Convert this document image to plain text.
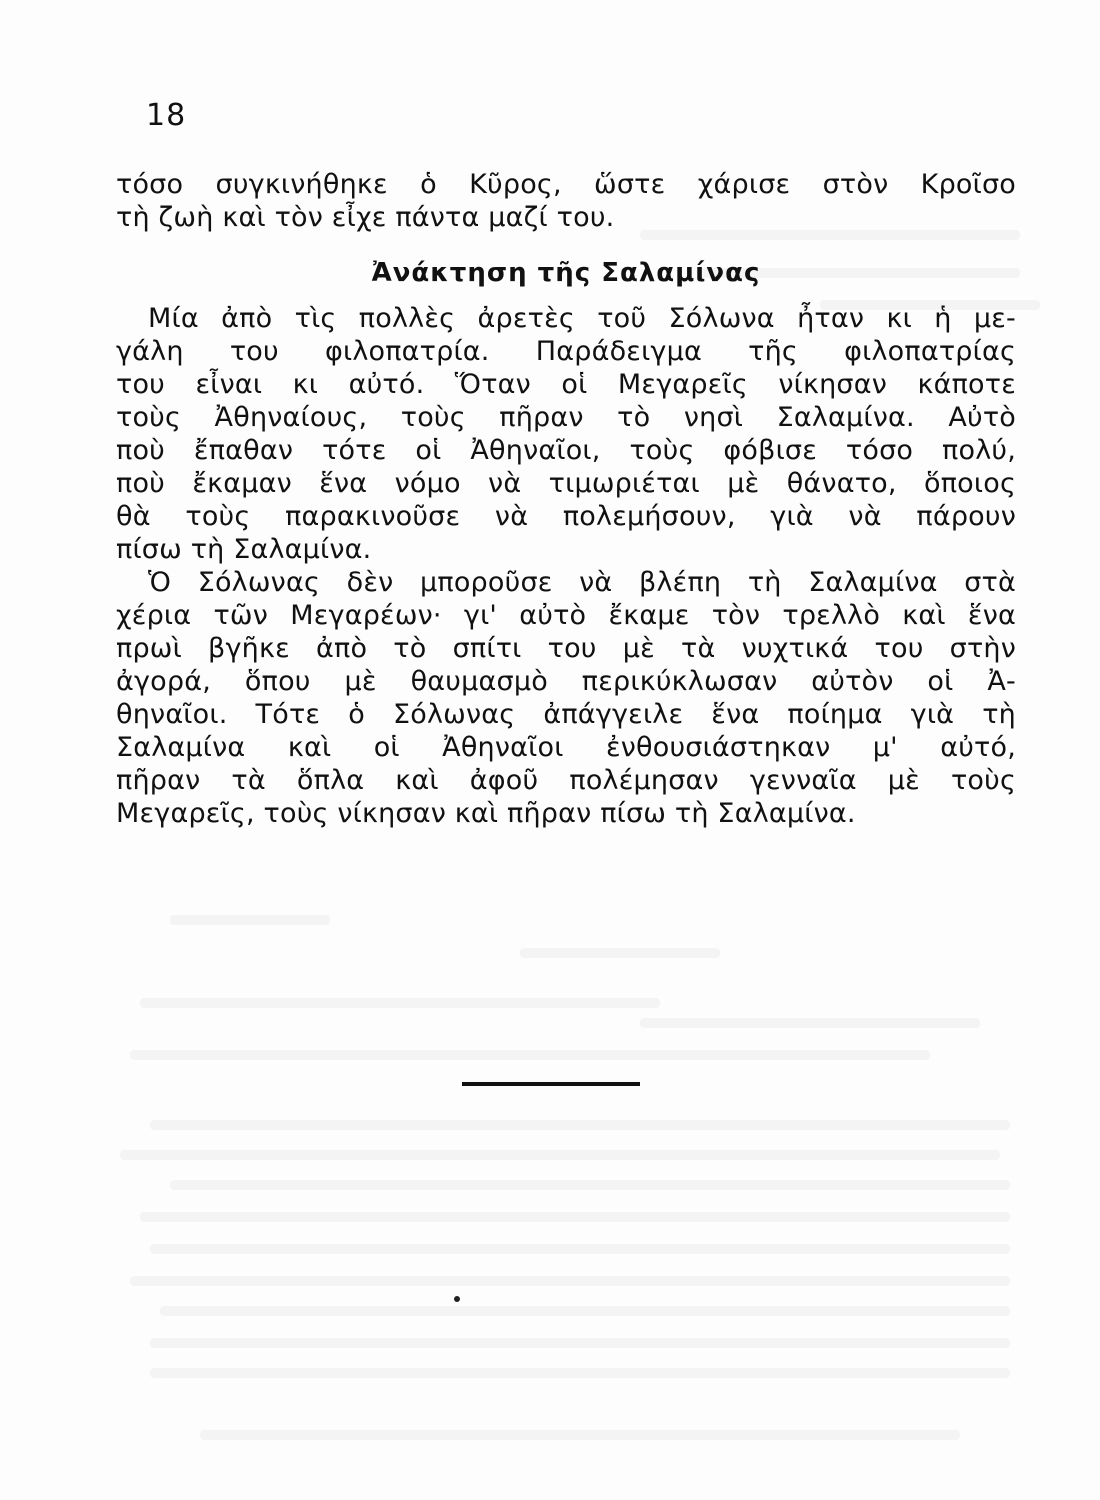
18
τόσο συγκινήθηκε ὁ Κῦρος, ὥστε χάρισε στὸν Κροῖσο
τὴ ζωὴ καὶ τὸν εἶχε πάντα μαζί του.
Ἀνάκτηση τῆς Σαλαμίνας
Μία ἀπὸ τὶς πολλὲς ἀρετὲς τοῦ Σόλωνα ἦταν κι ἡ με-
γάλη του φιλοπατρία. Παράδειγμα τῆς φιλοπατρίας
του εἶναι κι αὐτό. Ὅταν οἱ Μεγαρεῖς νίκησαν κάποτε
τοὺς Ἀθηναίους, τοὺς πῆραν τὸ νησὶ Σαλαμίνα. Αὐτὸ
ποὺ ἔπαθαν τότε οἱ Ἀθηναῖοι, τοὺς φόβισε τόσο πολύ,
ποὺ ἔκαμαν ἕνα νόμο νὰ τιμωριέται μὲ θάνατο, ὅποιος
θὰ τοὺς παρακινοῦσε νὰ πολεμήσουν, γιὰ νὰ πάρουν
πίσω τὴ Σαλαμίνα.
Ὁ Σόλωνας δὲν μποροῦσε νὰ βλέπη τὴ Σαλαμίνα στὰ
χέρια τῶν Μεγαρέων· γι' αὐτὸ ἔκαμε τὸν τρελλὸ καὶ ἕνα
πρωὶ βγῆκε ἀπὸ τὸ σπίτι του μὲ τὰ νυχτικά του στὴν
ἀγορά, ὅπου μὲ θαυμασμὸ περικύκλωσαν αὐτὸν οἱ Ἀ-
θηναῖοι. Τότε ὁ Σόλωνας ἀπάγγειλε ἕνα ποίημα γιὰ τὴ
Σαλαμίνα καὶ οἱ Ἀθηναῖοι ἐνθουσιάστηκαν μ' αὐτό,
πῆραν τὰ ὅπλα καὶ ἀφοῦ πολέμησαν γενναῖα μὲ τοὺς
Μεγαρεῖς, τοὺς νίκησαν καὶ πῆραν πίσω τὴ Σαλαμίνα.
